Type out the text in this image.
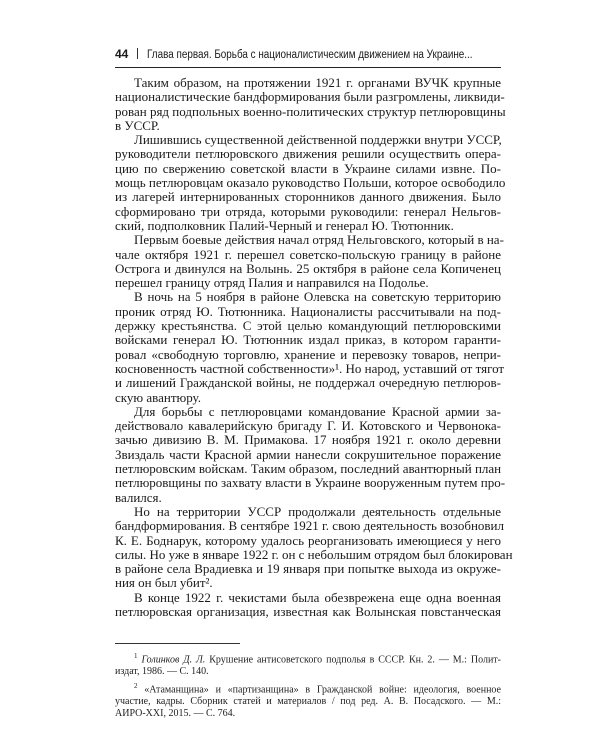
44 Глава первая. Борьба с националистическим движением на Украине...
Таким образом, на протяжении 1921 г. органами ВУЧК крупные
националистические бандформирования были разгромлены, ликвиди-
рован ряд подпольных военно-политических структур петлюровщины
в УССР.
Лишившись существенной действенной поддержки внутри УССР,
руководители петлюровского движения решили осуществить опера-
цию по свержению советской власти в Украине силами извне. По-
мощь петлюровцам оказало руководство Польши, которое освободило
из лагерей интернированных сторонников данного движения. Было
сформировано три отряда, которыми руководили: генерал Нельгов-
ский, подполковник Палий-Черный и генерал Ю. Тютюнник.
Первым боевые действия начал отряд Нельговского, который в на-
чале октября 1921 г. перешел советско-польскую границу в районе
Острога и двинулся на Волынь. 25 октября в районе села Копиченец
перешел границу отряд Палия и направился на Подолье.
В ночь на 5 ноября в районе Олевска на советскую территорию
проник отряд Ю. Тютюнника. Националисты рассчитывали на под-
держку крестьянства. С этой целью командующий петлюровскими
войсками генерал Ю. Тютюнник издал приказ, в котором гаранти-
ровал «свободную торговлю, хранение и перевозку товаров, непри-
косновенность частной собственности»¹. Но народ, уставший от тягот
и лишений Гражданской войны, не поддержал очередную петлюров-
скую авантюру.
Для борьбы с петлюровцами командование Красной армии за-
действовало кавалерийскую бригаду Г. И. Котовского и Червонока-
зачью дивизию В. М. Примакова. 17 ноября 1921 г. около деревни
Звиздаль части Красной армии нанесли сокрушительное поражение
петлюровским войскам. Таким образом, последний авантюрный план
петлюровщины по захвату власти в Украине вооруженным путем про-
валился.
Но на территории УССР продолжали деятельность отдельные
бандформирования. В сентябре 1921 г. свою деятельность возобновил
К. Е. Боднарук, которому удалось реорганизовать имеющиеся у него
силы. Но уже в январе 1922 г. он с небольшим отрядом был блокирован
в районе села Врадиевка и 19 января при попытке выхода из окруже-
ния он был убит².
В конце 1922 г. чекистами была обезврежена еще одна военная
петлюровская организация, известная как Волынская повстанческая
$^1$ Голинков Д. Л. Крушение антисоветского подполья в СССР. Кн. 2. — М.: Полит-
издат, 1986. — С. 140.
$^2$ «Атаманщина» и «партизанщина» в Гражданской войне: идеология, военное
участие, кадры. Сборник статей и материалов / под ред. А. В. Посадского. — М.:
АИРО-XXI, 2015. — С. 764.
